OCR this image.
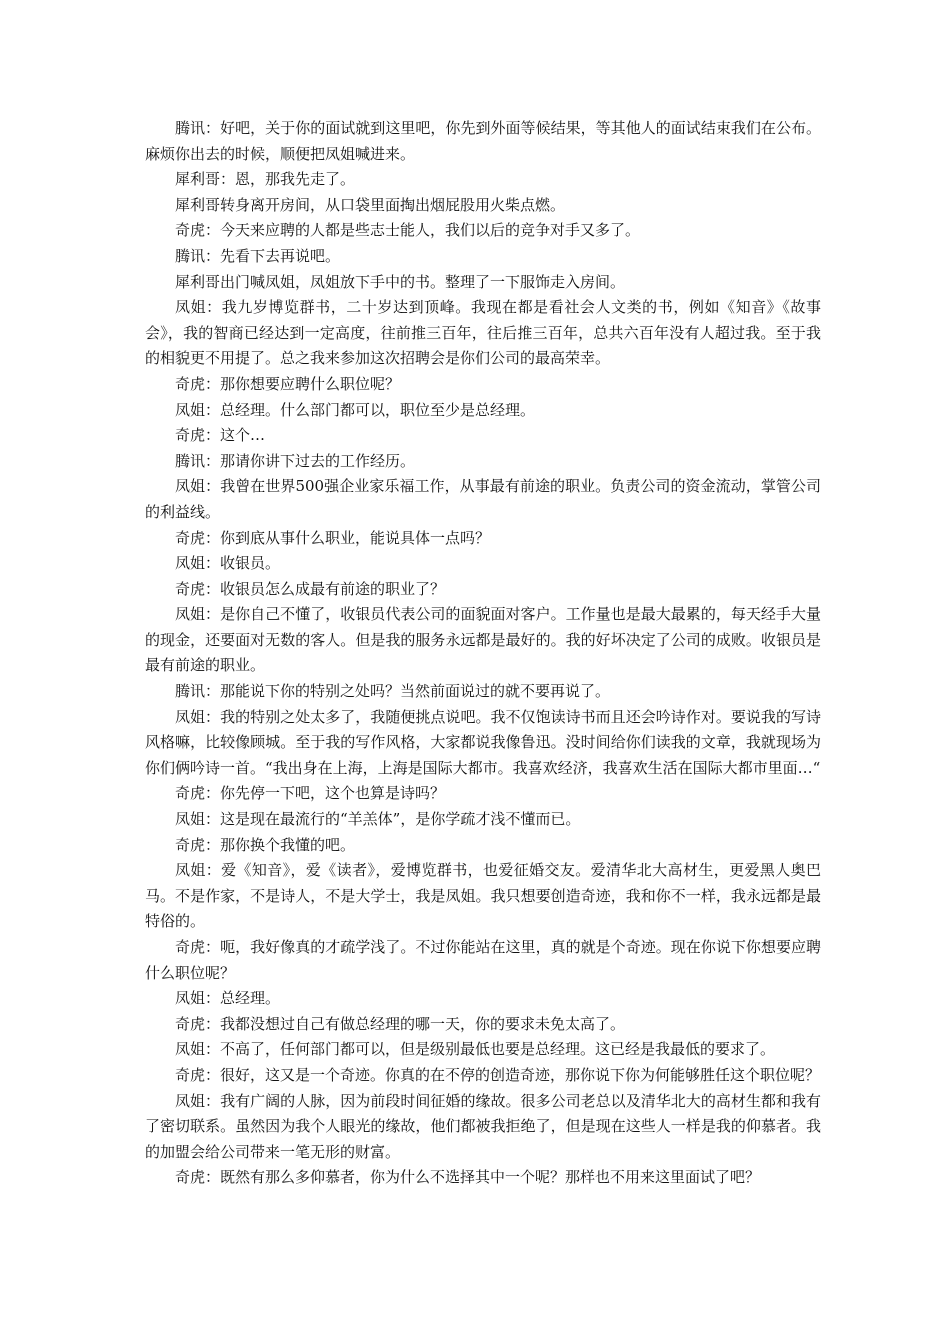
腾讯：好吧，关于你的面试就到这里吧，你先到外面等候结果，等其他人的面试结束我们在公布。麻烦你出去的时候，顺便把凤姐喊进来。

犀利哥：恩，那我先走了。

犀利哥转身离开房间，从口袋里面掏出烟屁股用火柴点燃。

奇虎：今天来应聘的人都是些志士能人，我们以后的竞争对手又多了。

腾讯：先看下去再说吧。

犀利哥出门喊凤姐，凤姐放下手中的书。整理了一下服饰走入房间。

凤姐：我九岁博览群书，二十岁达到顶峰。我现在都是看社会人文类的书，例如《知音》《故事会》，我的智商已经达到一定高度，往前推三百年，往后推三百年，总共六百年没有人超过我。至于我的相貌更不用提了。总之我来参加这次招聘会是你们公司的最高荣幸。

奇虎：那你想要应聘什么职位呢？

凤姐：总经理。什么部门都可以，职位至少是总经理。

奇虎：这个…

腾讯：那请你讲下过去的工作经历。

凤姐：我曾在世界500强企业家乐福工作，从事最有前途的职业。负责公司的资金流动，掌管公司的利益线。

奇虎：你到底从事什么职业，能说具体一点吗？

凤姐：收银员。

奇虎：收银员怎么成最有前途的职业了？

凤姐：是你自己不懂了，收银员代表公司的面貌面对客户。工作量也是最大最累的，每天经手大量的现金，还要面对无数的客人。但是我的服务永远都是最好的。我的好坏决定了公司的成败。收银员是最有前途的职业。

腾讯：那能说下你的特别之处吗？当然前面说过的就不要再说了。

凤姐：我的特别之处太多了，我随便挑点说吧。我不仅饱读诗书而且还会吟诗作对。要说我的写诗风格嘛，比较像顾城。至于我的写作风格，大家都说我像鲁迅。没时间给你们读我的文章，我就现场为你们俩吟诗一首。“我出身在上海，上海是国际大都市。我喜欢经济，我喜欢生活在国际大都市里面…“

奇虎：你先停一下吧，这个也算是诗吗？

凤姐：这是现在最流行的“羊羔体”，是你学疏才浅不懂而已。

奇虎：那你换个我懂的吧。

凤姐：爱《知音》，爱《读者》，爱博览群书，也爱征婚交友。爱清华北大高材生，更爱黑人奥巴马。不是作家，不是诗人，不是大学士，我是凤姐。我只想要创造奇迹，我和你不一样，我永远都是最特俗的。

奇虎：呃，我好像真的才疏学浅了。不过你能站在这里，真的就是个奇迹。现在你说下你想要应聘什么职位呢？

凤姐：总经理。

奇虎：我都没想过自己有做总经理的哪一天，你的要求未免太高了。

凤姐：不高了，任何部门都可以，但是级别最低也要是总经理。这已经是我最低的要求了。

奇虎：很好，这又是一个奇迹。你真的在不停的创造奇迹，那你说下你为何能够胜任这个职位呢？

凤姐：我有广阔的人脉，因为前段时间征婚的缘故。很多公司老总以及清华北大的高材生都和我有了密切联系。虽然因为我个人眼光的缘故，他们都被我拒绝了，但是现在这些人一样是我的仰慕者。我的加盟会给公司带来一笔无形的财富。

奇虎：既然有那么多仰慕者，你为什么不选择其中一个呢？那样也不用来这里面试了吧？
